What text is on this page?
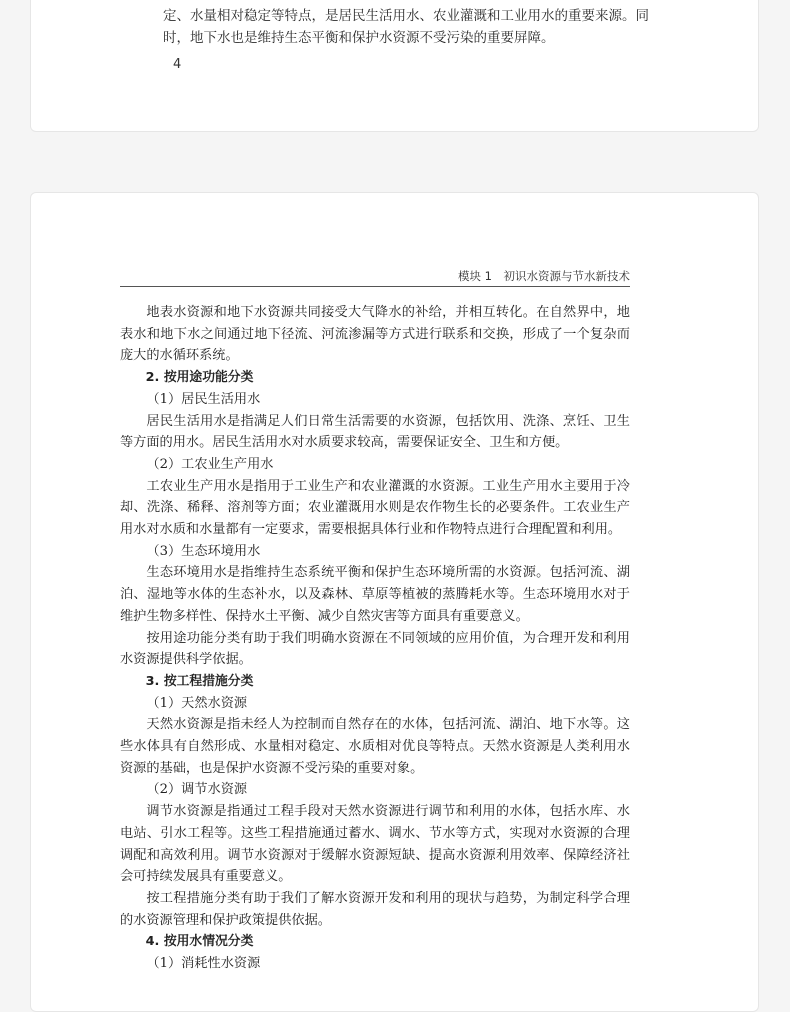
定、水量相对稳定等特点，是居民生活用水、农业灌溉和工业用水的重要来源。同

时，地下水也是维持生态平衡和保护水资源不受污染的重要屏障。

4
模块 1　初识水资源与节水新技术

地表水资源和地下水资源共同接受大气降水的补给，并相互转化。在自然界中，地表水和地下水之间通过地下径流、河流渗漏等方式进行联系和交换，形成了一个复杂而庞大的水循环系统。

2. 按用途功能分类

（1）居民生活用水

居民生活用水是指满足人们日常生活需要的水资源，包括饮用、洗涤、烹饪、卫生等方面的用水。居民生活用水对水质要求较高，需要保证安全、卫生和方便。

（2）工农业生产用水

工农业生产用水是指用于工业生产和农业灌溉的水资源。工业生产用水主要用于冷却、洗涤、稀释、溶剂等方面；农业灌溉用水则是农作物生长的必要条件。工农业生产用水对水质和水量都有一定要求，需要根据具体行业和作物特点进行合理配置和利用。

（3）生态环境用水

生态环境用水是指维持生态系统平衡和保护生态环境所需的水资源。包括河流、湖泊、湿地等水体的生态补水，以及森林、草原等植被的蒸腾耗水等。生态环境用水对于维护生物多样性、保持水土平衡、减少自然灾害等方面具有重要意义。

按用途功能分类有助于我们明确水资源在不同领域的应用价值，为合理开发和利用水资源提供科学依据。

3. 按工程措施分类

（1）天然水资源

天然水资源是指未经人为控制而自然存在的水体，包括河流、湖泊、地下水等。这些水体具有自然形成、水量相对稳定、水质相对优良等特点。天然水资源是人类利用水资源的基础，也是保护水资源不受污染的重要对象。

（2）调节水资源

调节水资源是指通过工程手段对天然水资源进行调节和利用的水体，包括水库、水电站、引水工程等。这些工程措施通过蓄水、调水、节水等方式，实现对水资源的合理调配和高效利用。调节水资源对于缓解水资源短缺、提高水资源利用效率、保障经济社会可持续发展具有重要意义。

按工程措施分类有助于我们了解水资源开发和利用的现状与趋势，为制定科学合理的水资源管理和保护政策提供依据。

4. 按用水情况分类

（1）消耗性水资源
